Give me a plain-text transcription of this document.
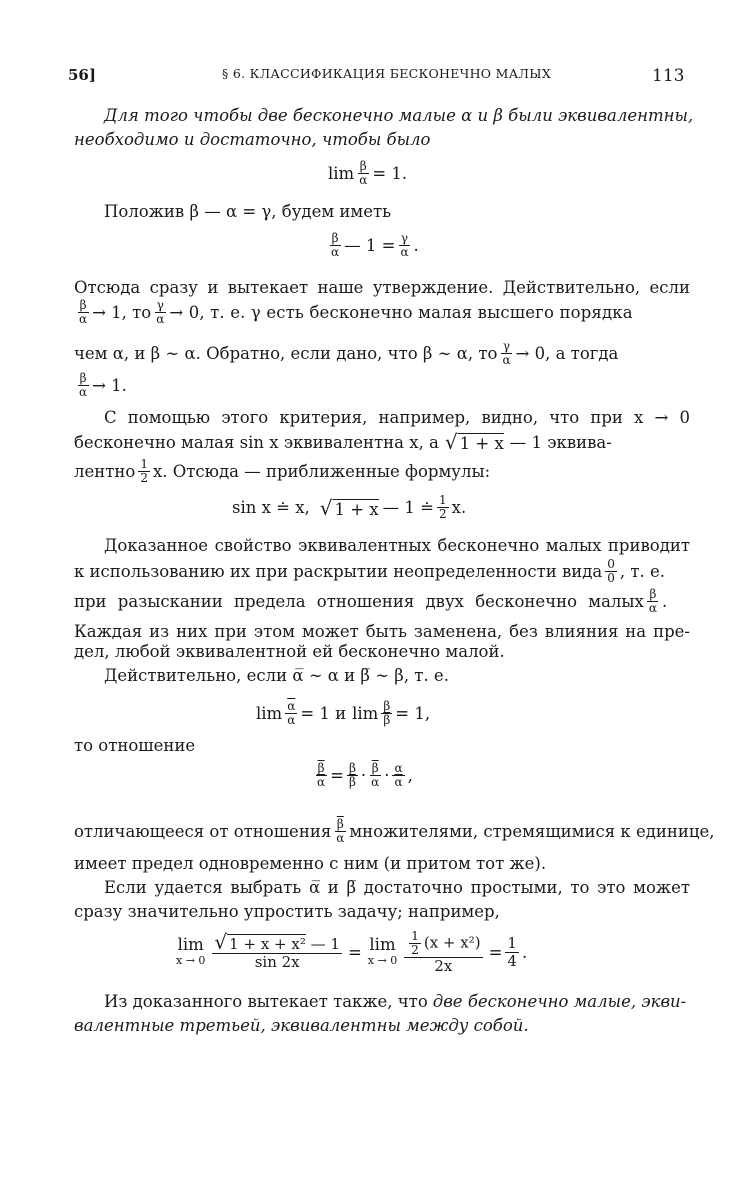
56]	§ 6. КЛАССИФИКАЦИЯ БЕСКОНЕЧНО МАЛЫХ	113
Для того чтобы две бесконечно малые α и β были эквивалентны,
необходимо и достаточно, чтобы было
$\lim \frac{\beta}{\alpha} = 1$.
Положив β — α = γ, будем иметь
$\frac{\beta}{\alpha}$ — $1 = \frac{\gamma}{\alpha}$ .
Отсюда сразу и вытекает наше утверждение. Действительно, если
$\frac{\beta}{\alpha} \to 1$, то $\frac{\gamma}{\alpha} \to 0$, т. е. γ есть бесконечно малая высшего порядка
чем α, и β ∼ α. Обратно, если дано, что β ∼ α, то $\frac{\gamma}{\alpha} \to 0$, а тогда
$\frac{\beta}{\alpha} \to 1$.
С помощью этого критерия, например, видно, что при x → 0
бесконечно малая sin x эквивалентна x, а √ 1 + x — 1 эквива-
лентно $\frac{1}{2} x$. Отсюда — приближенные формулы:
sin x ≐ x, √ 1 + x — 1 ≐ $\frac{1}{2} x$.
Доказанное свойство эквивалентных бесконечно малых приводит
к использованию их при раскрытии неопределенности вида $\frac{0}{0}$ , т. е.
при разыскании предела отношения двух бесконечно малых $\frac{\beta}{\alpha}$ .
Каждая из них при этом может быть заменена, без влияния на пре-
дел, любой эквивалентной ей бесконечно малой.
Действительно, если α̅ ∼ α и β̅ ∼ β, т. е.
$\lim \frac{\overline{\alpha}}{\alpha} = 1$ и $\lim \frac{\beta}{\beta} = 1$,
то отношение
$\frac{\overline{\beta}}{\alpha} = \frac{\beta}{\beta} \cdot \frac{\overline{\beta}}{\alpha} \cdot \frac{\alpha}{\alpha}$ ,
отличающееся от отношения $\frac{\overline{\beta}}{\alpha}$ множителями, стремящимися к единице,
имеет предел одновременно с ним (и притом тот же).
Если удается выбрать α̅ и β̅ достаточно простыми, то это может
сразу значительно упростить задачу; например,
lim
$x \to 0 \frac{\text{√ 1 + x + x² — 1}}{\sin 2x} = \lim$
$x \to 0 \frac{\frac{1}{2} (x + x^2)}{2x} = \frac{1}{4}$ .
Из доказанного вытекает также, что две бесконечно малые, экви-
валентные третьей, эквивалентны между собой.
